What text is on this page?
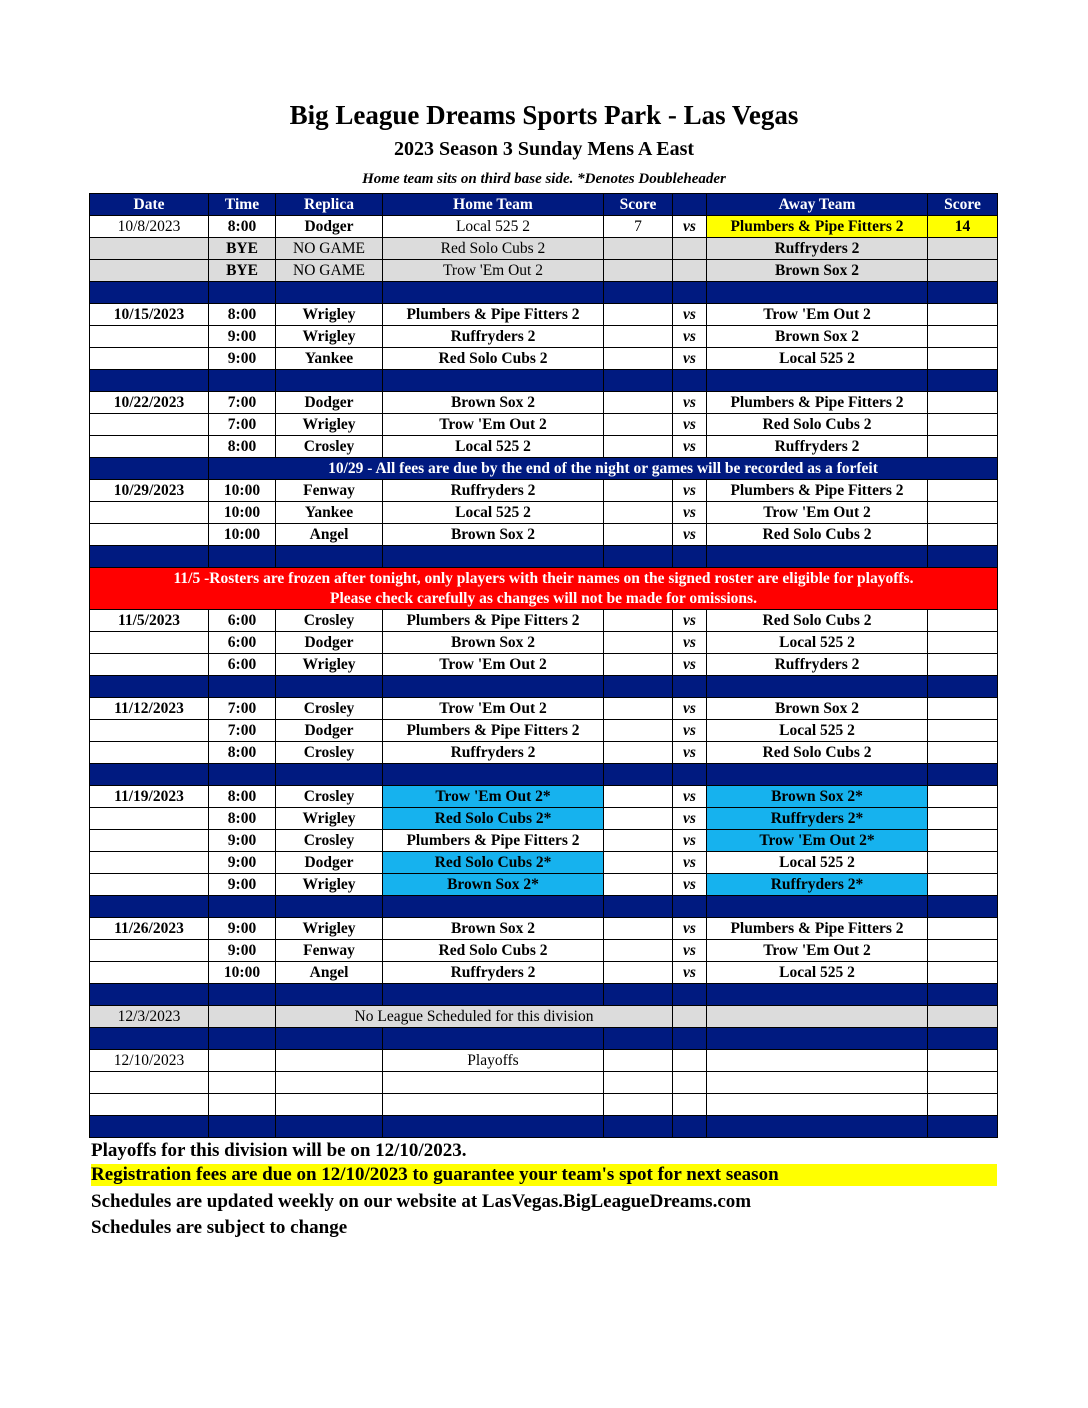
Big League Dreams Sports Park - Las Vegas
2023 Season 3 Sunday Mens A East
Home team sits on third base side. *Denotes Doubleheader
Date	Time	Replica	Home Team	Score		Away Team	Score
10/8/2023	8:00	Dodger	Local 525 2	7	vs	Plumbers & Pipe Fitters 2	14
	BYE	NO GAME	Red Solo Cubs 2			Ruffryders 2	
	BYE	NO GAME	Trow 'Em Out 2			Brown Sox 2	

10/15/2023	8:00	Wrigley	Plumbers & Pipe Fitters 2		vs	Trow 'Em Out 2	
	9:00	Wrigley	Ruffryders 2		vs	Brown Sox 2	
	9:00	Yankee	Red Solo Cubs 2		vs	Local 525 2	

10/22/2023	7:00	Dodger	Brown Sox 2		vs	Plumbers & Pipe Fitters 2	
	7:00	Wrigley	Trow 'Em Out 2		vs	Red Solo Cubs 2	
	8:00	Crosley	Local 525 2		vs	Ruffryders 2	
	10/29 - All fees are due by the end of the night or games will be recorded as a forfeit						
10/29/2023	10:00	Fenway	Ruffryders 2		vs	Plumbers & Pipe Fitters 2	
	10:00	Yankee	Local 525 2		vs	Trow 'Em Out 2	
	10:00	Angel	Brown Sox 2		vs	Red Solo Cubs 2	

11/5 -Rosters are frozen after tonight, only players with their names on the signed roster are eligible for playoffs.
Please check carefully as changes will not be made for omissions.							

11/5/2023	6:00	Crosley	Plumbers & Pipe Fitters 2		vs	Red Solo Cubs 2	
	6:00	Dodger	Brown Sox 2		vs	Local 525 2	
	6:00	Wrigley	Trow 'Em Out 2		vs	Ruffryders 2	

11/12/2023	7:00	Crosley	Trow 'Em Out 2		vs	Brown Sox 2	
	7:00	Dodger	Plumbers & Pipe Fitters 2		vs	Local 525 2	
	8:00	Crosley	Ruffryders 2		vs	Red Solo Cubs 2	

11/19/2023	8:00	Crosley	Trow 'Em Out 2*		vs	Brown Sox 2*	
	8:00	Wrigley	Red Solo Cubs 2*		vs	Ruffryders 2*	
	9:00	Crosley	Plumbers & Pipe Fitters 2		vs	Trow 'Em Out 2*	
	9:00	Dodger	Red Solo Cubs 2*		vs	Local 525 2	
	9:00	Wrigley	Brown Sox 2*		vs	Ruffryders 2*	

11/26/2023	9:00	Wrigley	Brown Sox 2		vs	Plumbers & Pipe Fitters 2	
	9:00	Fenway	Red Solo Cubs 2		vs	Trow 'Em Out 2	
	10:00	Angel	Ruffryders 2		vs	Local 525 2	

12/3/2023		No League Scheduled for this division					

12/10/2023			Playoffs				

Playoffs for this division will be on 12/10/2023.
Registration fees are due on 12/10/2023 to guarantee your team's spot for next season
Schedules are updated weekly on our website at LasVegas.BigLeagueDreams.com
Schedules are subject to change
